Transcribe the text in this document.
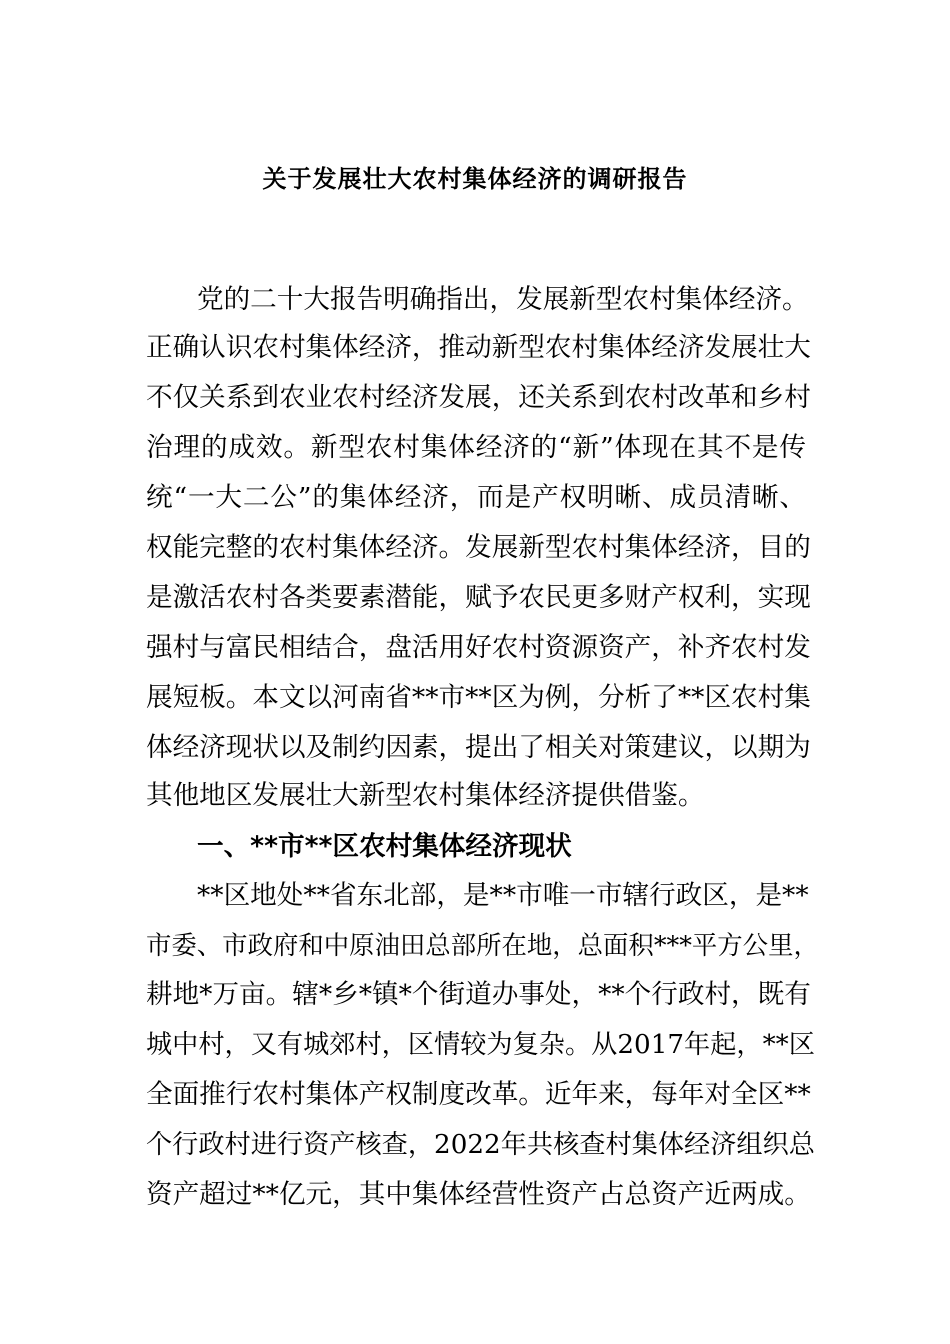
关于发展壮大农村集体经济的调研报告
党的二十大报告明确指出，发展新型农村集体经济。
正确认识农村集体经济，推动新型农村集体经济发展壮大
不仅关系到农业农村经济发展，还关系到农村改革和乡村
治理的成效。新型农村集体经济的“新”体现在其不是传
统“一大二公”的集体经济，而是产权明晰、成员清晰、
权能完整的农村集体经济。发展新型农村集体经济，目的
是激活农村各类要素潜能，赋予农民更多财产权利，实现
强村与富民相结合，盘活用好农村资源资产，补齐农村发
展短板。本文以河南省**市**区为例，分析了**区农村集
体经济现状以及制约因素，提出了相关对策建议，以期为
其他地区发展壮大新型农村集体经济提供借鉴。
一、**市**区农村集体经济现状
**区地处**省东北部，是**市唯一市辖行政区，是**
市委、市政府和中原油田总部所在地，总面积***平方公里，
耕地*万亩。辖*乡*镇*个街道办事处，**个行政村，既有
城中村，又有城郊村，区情较为复杂。从2017年起，**区
全面推行农村集体产权制度改革。近年来，每年对全区**
个行政村进行资产核查，2022年共核查村集体经济组织总
资产超过**亿元，其中集体经营性资产占总资产近两成。
